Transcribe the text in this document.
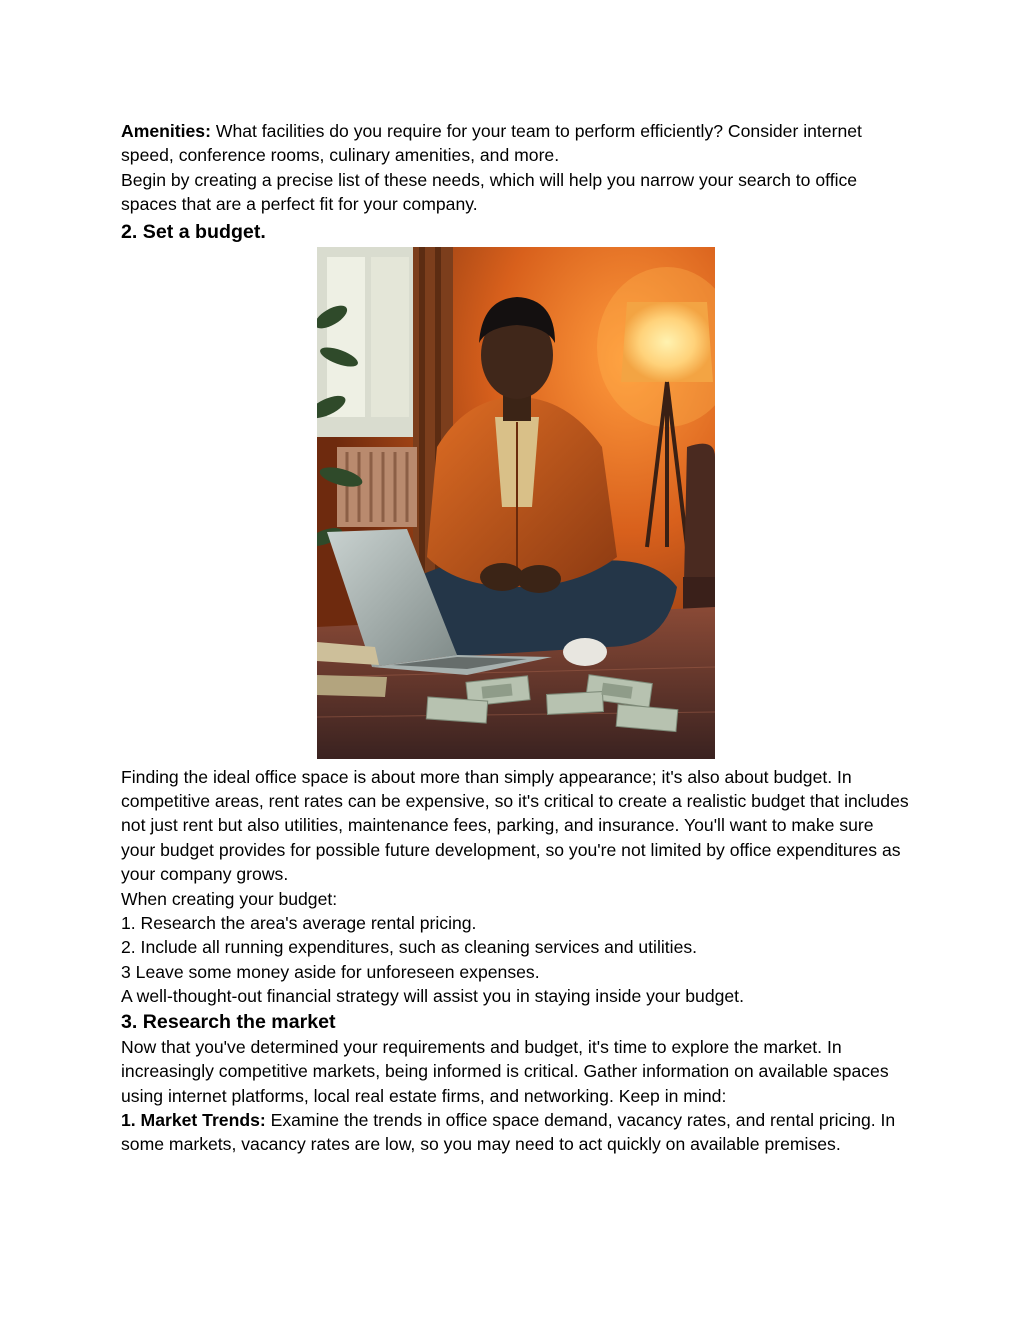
Amenities: What facilities do you require for your team to perform efficiently? Consider internet speed, conference rooms, culinary amenities, and more.

Begin by creating a precise list of these needs, which will help you narrow your search to office spaces that are a perfect fit for your company.

2. Set a budget.

Finding the ideal office space is about more than simply appearance; it's also about budget. In competitive areas, rent rates can be expensive, so it's critical to create a realistic budget that includes not just rent but also utilities, maintenance fees, parking, and insurance. You'll want to make sure your budget provides for possible future development, so you're not limited by office expenditures as your company grows.

When creating your budget:

1. Research the area's average rental pricing.

2. Include all running expenditures, such as cleaning services and utilities.

3 Leave some money aside for unforeseen expenses.

A well-thought-out financial strategy will assist you in staying inside your budget.

3. Research the market

Now that you've determined your requirements and budget, it's time to explore the market. In increasingly competitive markets, being informed is critical. Gather information on available spaces using internet platforms, local real estate firms, and networking. Keep in mind:

1. Market Trends: Examine the trends in office space demand, vacancy rates, and rental pricing. In some markets, vacancy rates are low, so you may need to act quickly on available premises.
